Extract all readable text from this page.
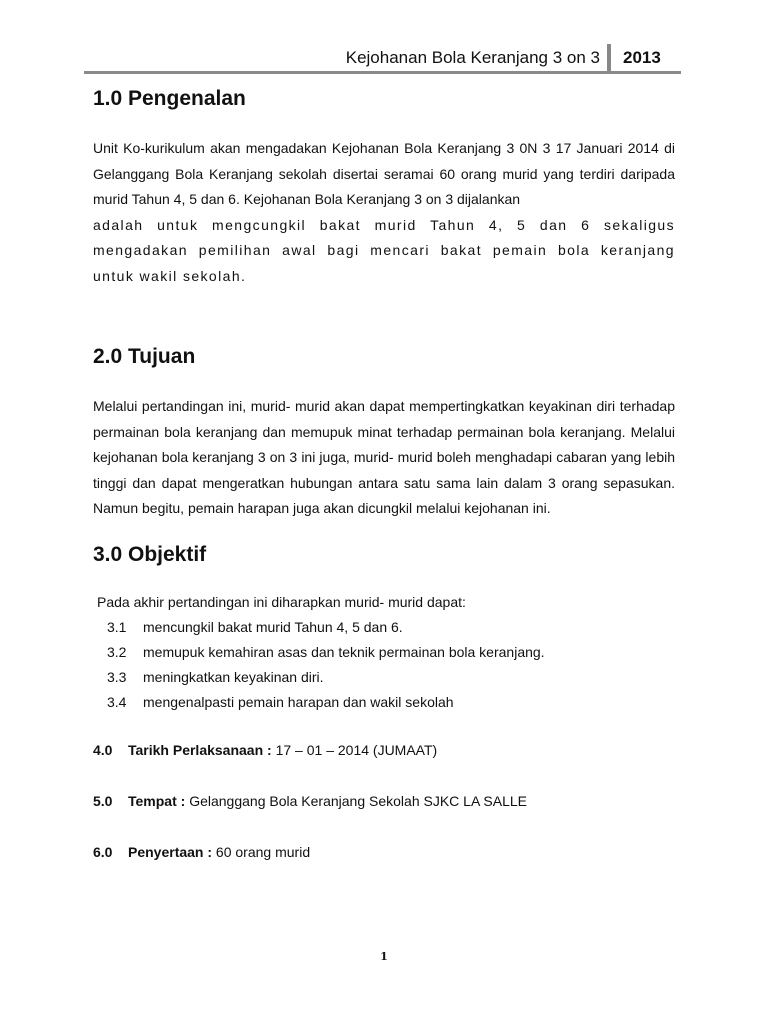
Kejohanan Bola Keranjang 3 on 3 2013
1.0 Pengenalan

Unit Ko-kurikulum akan mengadakan Kejohanan Bola Keranjang 3 0N 3 17 Januari 2014 di Gelanggang Bola Keranjang sekolah disertai seramai 60 orang murid yang terdiri daripada murid Tahun 4, 5 dan 6. Kejohanan Bola Keranjang 3 on 3 dijalankan

adalah untuk mengcungkil bakat murid Tahun 4, 5 dan 6 sekaligus mengadakan pemilihan awal bagi mencari bakat pemain bola keranjang untuk wakil sekolah.

2.0 Tujuan

Melalui pertandingan ini, murid- murid akan dapat mempertingkatkan keyakinan diri terhadap permainan bola keranjang dan memupuk minat terhadap permainan bola keranjang. Melalui kejohanan bola keranjang 3 on 3 ini juga, murid- murid boleh menghadapi cabaran yang lebih tinggi dan dapat mengeratkan hubungan antara satu sama lain dalam 3 orang sepasukan. Namun begitu, pemain harapan juga akan dicungkil melalui kejohanan ini.

3.0 Objektif

Pada akhir pertandingan ini diharapkan murid- murid dapat:

3.1 mencungkil bakat murid Tahun 4, 5 dan 6.
3.2 memupuk kemahiran asas dan teknik permainan bola keranjang.
3.3 meningkatkan keyakinan diri.
3.4 mengenalpasti pemain harapan dan wakil sekolah

4.0 Tarikh Perlaksanaan : 17 – 01 – 2014 (JUMAAT)

5.0 Tempat : Gelanggang Bola Keranjang Sekolah SJKC LA SALLE

6.0 Penyertaan : 60 orang murid

1
